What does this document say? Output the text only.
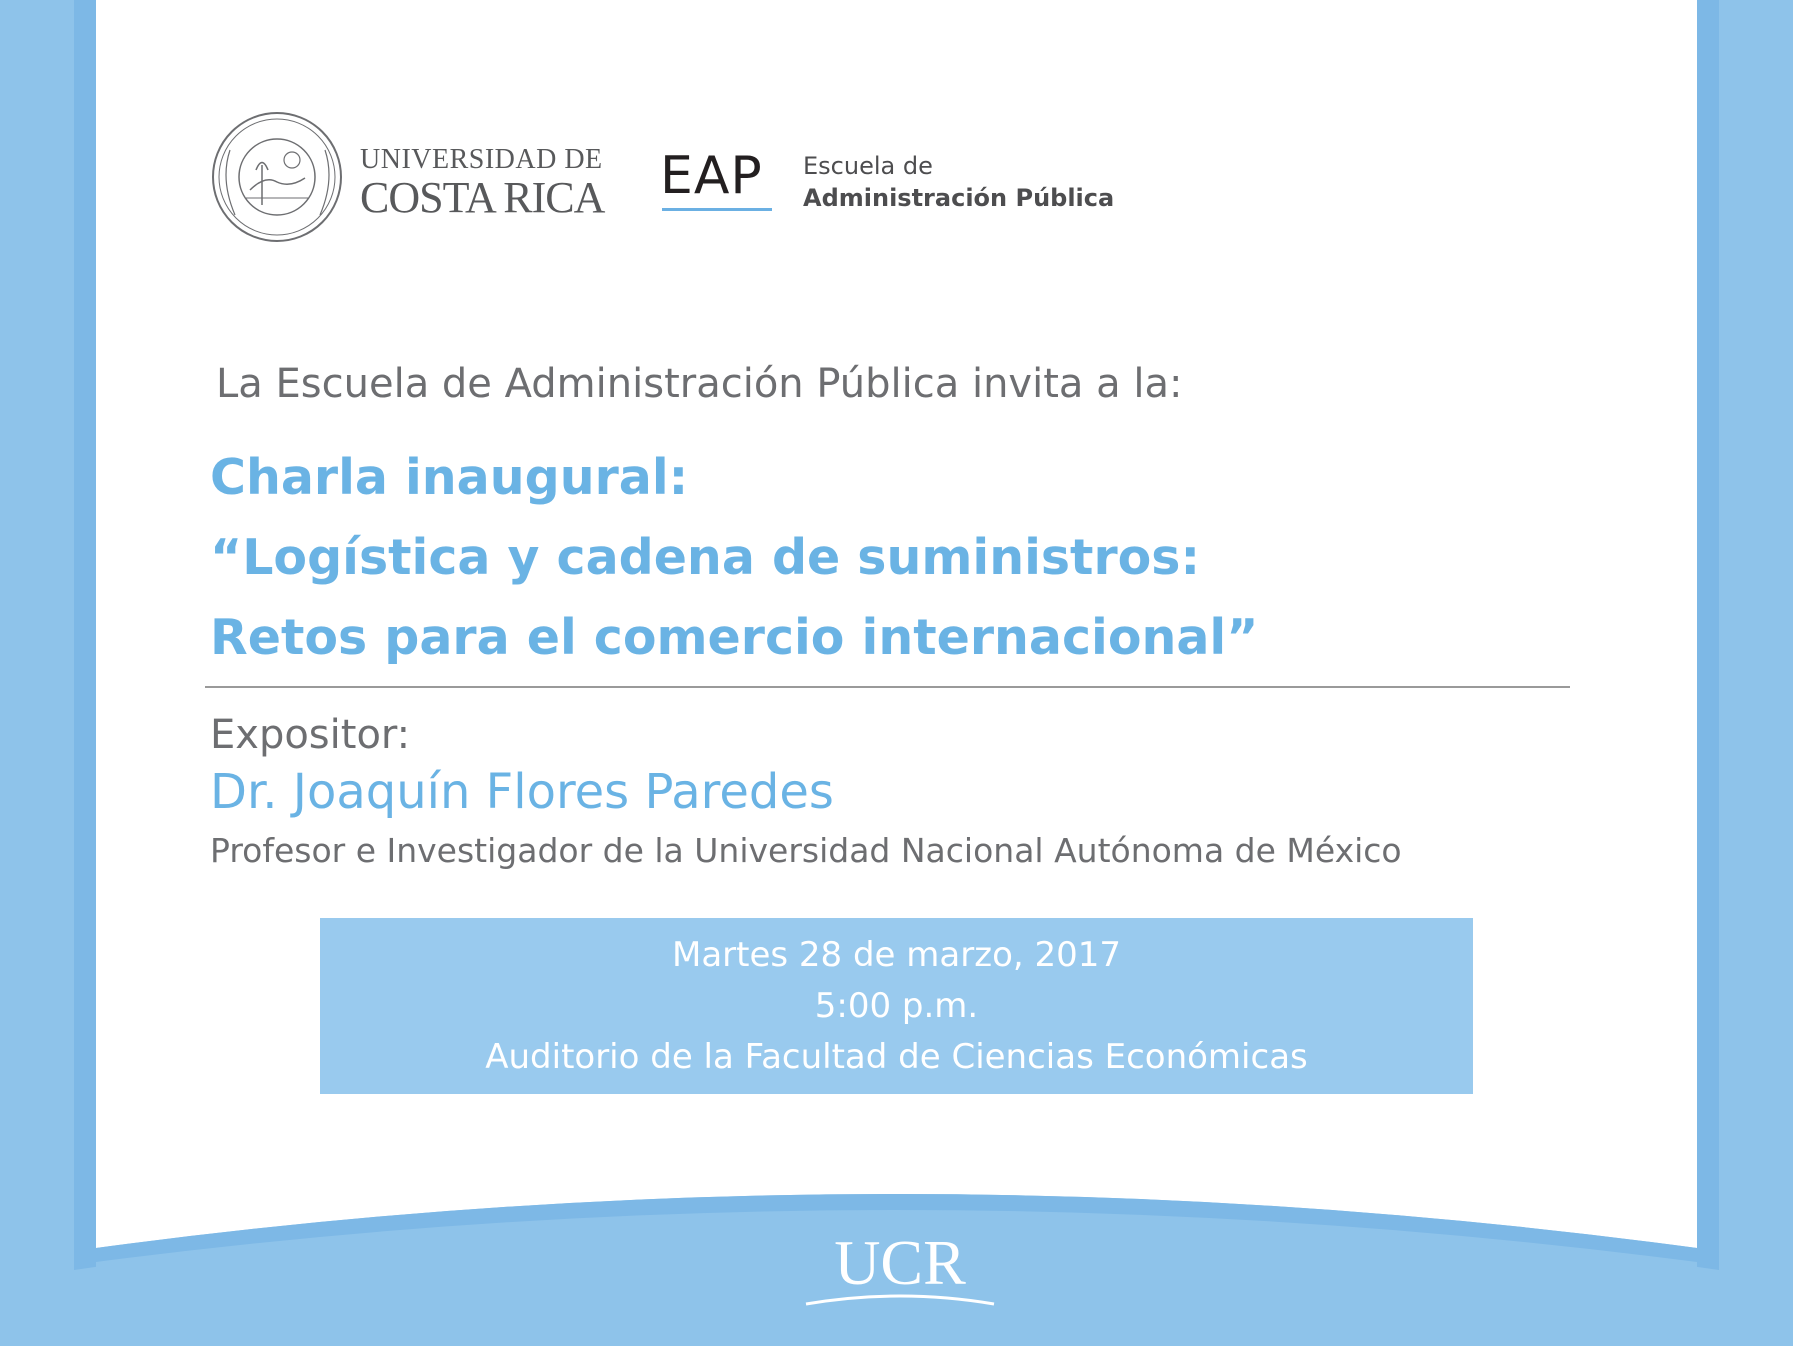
UNIVERSIDAD DE
COSTA RICA EAP Escuela de
Administración Pública
La Escuela de Administración Pública invita a la:
Charla inaugural:
“Logística y cadena de suministros:
Retos para el comercio internacional”
Expositor:
Dr. Joaquín Flores Paredes
Profesor e Investigador de la Universidad Nacional Autónoma de México
Martes 28 de marzo, 2017
5:00 p.m.
Auditorio de la Facultad de Ciencias Económicas
UCR
